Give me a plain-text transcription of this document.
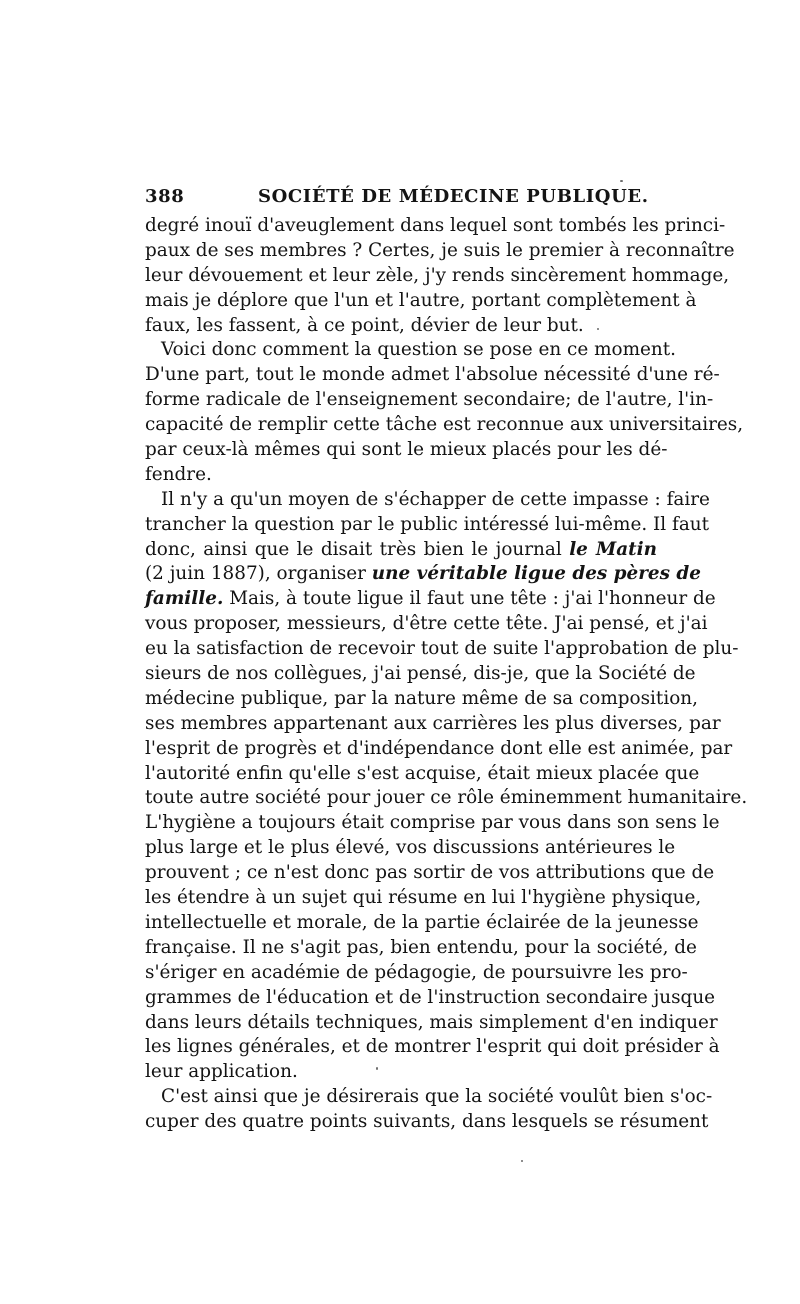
388	SOCIÉTÉ DE MÉDECINE PUBLIQUE.
degré inouï d'aveuglement dans lequel sont tombés les princi-
paux de ses membres ? Certes, je suis le premier à reconnaître
leur dévouement et leur zèle, j'y rends sincèrement hommage,
mais je déplore que l'un et l'autre, portant complètement à
faux, les fassent, à ce point, dévier de leur but.
Voici donc comment la question se pose en ce moment.
D'une part, tout le monde admet l'absolue nécessité d'une ré-
forme radicale de l'enseignement secondaire; de l'autre, l'in-
capacité de remplir cette tâche est reconnue aux universitaires,
par ceux-là mêmes qui sont le mieux placés pour les dé-
fendre.
Il n'y a qu'un moyen de s'échapper de cette impasse : faire
trancher la question par le public intéressé lui-même. Il faut
donc, ainsi que le disait très bien le journal le Matin
(2 juin 1887), organiser une véritable ligue des pères de
famille. Mais, à toute ligue il faut une tête : j'ai l'honneur de
vous proposer, messieurs, d'être cette tête. J'ai pensé, et j'ai
eu la satisfaction de recevoir tout de suite l'approbation de plu-
sieurs de nos collègues, j'ai pensé, dis-je, que la Société de
médecine publique, par la nature même de sa composition,
ses membres appartenant aux carrières les plus diverses, par
l'esprit de progrès et d'indépendance dont elle est animée, par
l'autorité enfin qu'elle s'est acquise, était mieux placée que
toute autre société pour jouer ce rôle éminemment humanitaire.
L'hygiène a toujours était comprise par vous dans son sens le
plus large et le plus élevé, vos discussions antérieures le
prouvent ; ce n'est donc pas sortir de vos attributions que de
les étendre à un sujet qui résume en lui l'hygiène physique,
intellectuelle et morale, de la partie éclairée de la jeunesse
française. Il ne s'agit pas, bien entendu, pour la société, de
s'ériger en académie de pédagogie, de poursuivre les pro-
grammes de l'éducation et de l'instruction secondaire jusque
dans leurs détails techniques, mais simplement d'en indiquer
les lignes générales, et de montrer l'esprit qui doit présider à
leur application.
C'est ainsi que je désirerais que la société voulût bien s'oc-
cuper des quatre points suivants, dans lesquels se résument
